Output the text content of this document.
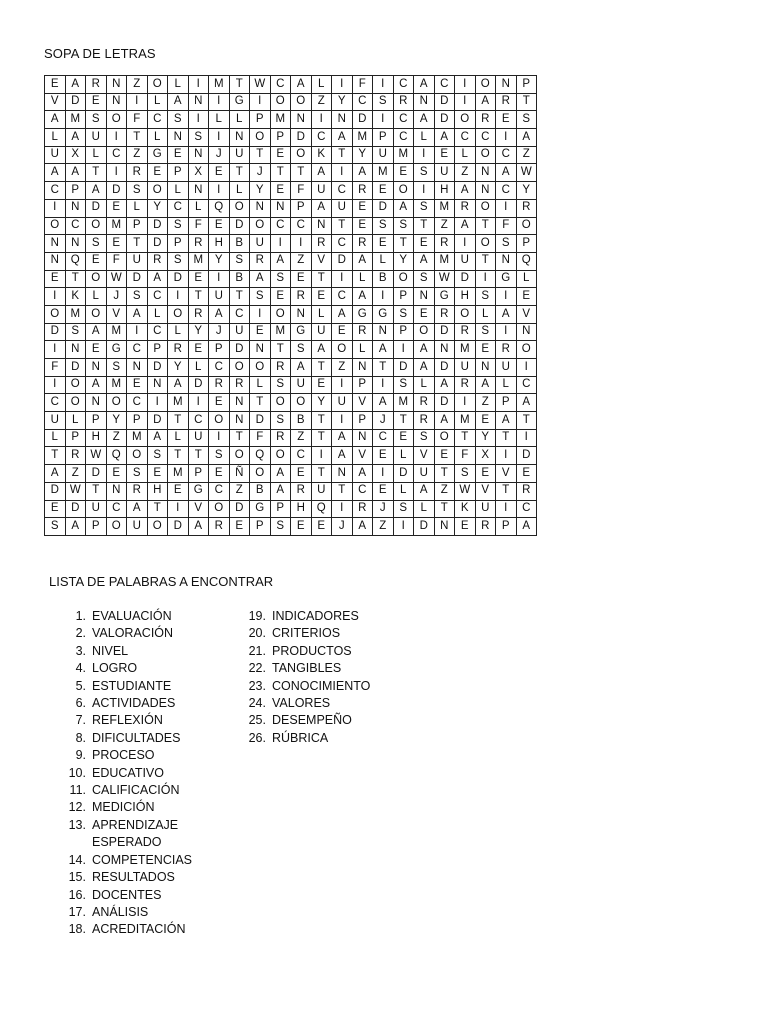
SOPA DE LETRAS
E	A	R	N	Z	O	L	I	M	T	W	C	A	L	I	F	I	C	A	C	I	O	N	P
V	D	E	N	I	L	A	N	I	G	I	O	O	Z	Y	C	S	R	N	D	I	A	R	T
A	M	S	O	F	C	S	I	L	L	P	M	N	I	N	D	I	C	A	D	O	R	E	S
L	A	U	I	T	L	N	S	I	N	O	P	D	C	A	M	P	C	L	A	C	C	I	A
U	X	L	C	Z	G	E	N	J	U	T	E	O	K	T	Y	U	M	I	E	L	O	C	Z
A	A	T	I	R	E	P	X	E	T	J	T	T	A	I	A	M	E	S	U	Z	N	A	W
C	P	A	D	S	O	L	N	I	L	Y	E	F	U	C	R	E	O	I	H	A	N	C	Y
I	N	D	E	L	Y	C	L	Q	O	N	N	P	A	U	E	D	A	S	M	R	O	I	R
O	C	O	M	P	D	S	F	E	D	O	C	C	N	T	E	S	S	T	Z	A	T	F	O
N	N	S	E	T	D	P	R	H	B	U	I	I	R	C	R	E	T	E	R	I	O	S	P
N	Q	E	F	U	R	S	M	Y	S	R	A	Z	V	D	A	L	Y	A	M	U	T	N	Q
E	T	O	W	D	A	D	E	I	B	A	S	E	T	I	L	B	O	S	W	D	I	G	L
I	K	L	J	S	C	I	T	U	T	S	E	R	E	C	A	I	P	N	G	H	S	I	E
O	M	O	V	A	L	O	R	A	C	I	O	N	L	A	G	G	S	E	R	O	L	A	V
D	S	A	M	I	C	L	Y	J	U	E	M	G	U	E	R	N	P	O	D	R	S	I	N
I	N	E	G	C	P	R	E	P	D	N	T	S	A	O	L	A	I	A	N	M	E	R	O
F	D	N	S	N	D	Y	L	C	O	O	R	A	T	Z	N	T	D	A	D	U	N	U	I
I	O	A	M	E	N	A	D	R	R	L	S	U	E	I	P	I	S	L	A	R	A	L	C
C	O	N	O	C	I	M	I	E	N	T	O	O	Y	U	V	A	M	R	D	I	Z	P	A
U	L	P	Y	P	D	T	C	O	N	D	S	B	T	I	P	J	T	R	A	M	E	A	T
L	P	H	Z	M	A	L	U	I	T	F	R	Z	T	A	N	C	E	S	O	T	Y	T	I
T	R	W	Q	O	S	T	T	S	O	Q	O	C	I	A	V	E	L	V	E	F	X	I	D
A	Z	D	E	S	E	M	P	E	Ñ	O	A	E	T	N	A	I	D	U	T	S	E	V	E
D	W	T	N	R	H	E	G	C	Z	B	A	R	U	T	C	E	L	A	Z	W	V	T	R
E	D	U	C	A	T	I	V	O	D	G	P	H	Q	I	R	J	S	L	T	K	U	I	C
S	A	P	O	U	O	D	A	R	E	P	S	E	E	J	A	Z	I	D	N	E	R	P	A
LISTA DE PALABRAS A ENCONTRAR
1. EVALUACIÓN
2. VALORACIÓN
3. NIVEL
4. LOGRO
5. ESTUDIANTE
6. ACTIVIDADES
7. REFLEXIÓN
8. DIFICULTADES
9. PROCESO
10. EDUCATIVO
11. CALIFICACIÓN
12. MEDICIÓN
13. APRENDIZAJE ESPERADO
14. COMPETENCIAS
15. RESULTADOS
16. DOCENTES
17. ANÁLISIS
18. ACREDITACIÓN
19. INDICADORES
20. CRITERIOS
21. PRODUCTOS
22. TANGIBLES
23. CONOCIMIENTO
24. VALORES
25. DESEMPEÑO
26. RÚBRICA
